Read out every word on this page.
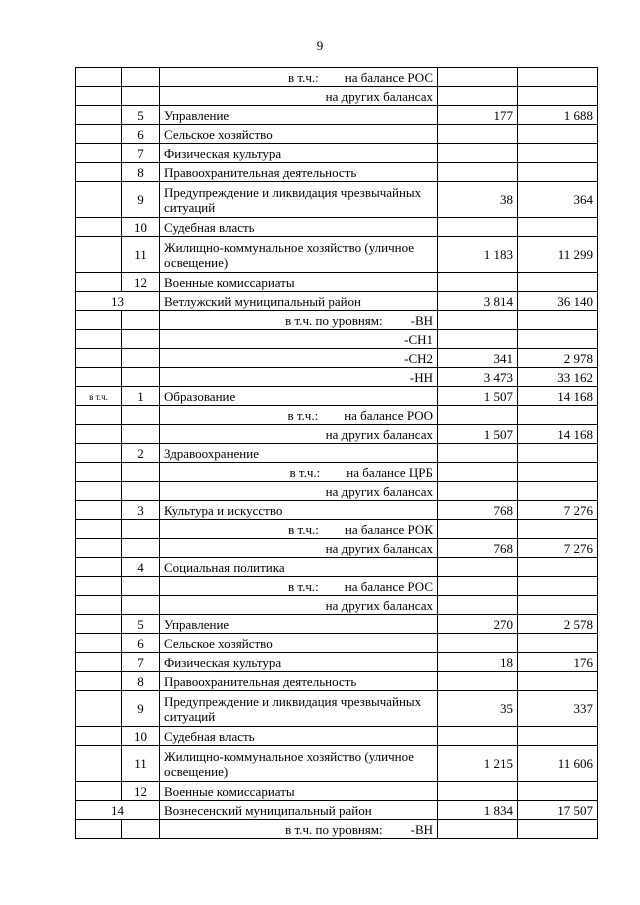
9
		в т.ч.: на балансе РОС		
		на других балансах		
	5	Управление	177	1 688
	6	Сельское хозяйство		
	7	Физическая культура		
	8	Правоохранительная деятельность		
	9	Предупреждение и ликвидация чрезвычайных ситуаций	38	364
	10	Судебная власть		
	11	Жилищно-коммунальное хозяйство (уличное освещение)	1 183	11 299
	12	Военные комиссариаты		
13		Ветлужский муниципальный район	3 814	36 140
		в т.ч. по уровням: -ВН		
		-СН1		
		-СН2	341	2 978
		-НН	3 473	33 162
в т.ч.	1	Образование	1 507	14 168
		в т.ч.: на балансе РОО		
		на других балансах	1 507	14 168
	2	Здравоохранение		
		в т.ч.: на балансе ЦРБ		
		на других балансах		
	3	Культура и искусство	768	7 276
		в т.ч.: на балансе РОК		
		на других балансах	768	7 276
	4	Социальная политика		
		в т.ч.: на балансе РОС		
		на других балансах		
	5	Управление	270	2 578
	6	Сельское хозяйство		
	7	Физическая культура	18	176
	8	Правоохранительная деятельность		
	9	Предупреждение и ликвидация чрезвычайных ситуаций	35	337
	10	Судебная власть		
	11	Жилищно-коммунальное хозяйство (уличное освещение)	1 215	11 606
	12	Военные комиссариаты		
14		Вознесенский муниципальный район	1 834	17 507
		в т.ч. по уровням: -ВН		
